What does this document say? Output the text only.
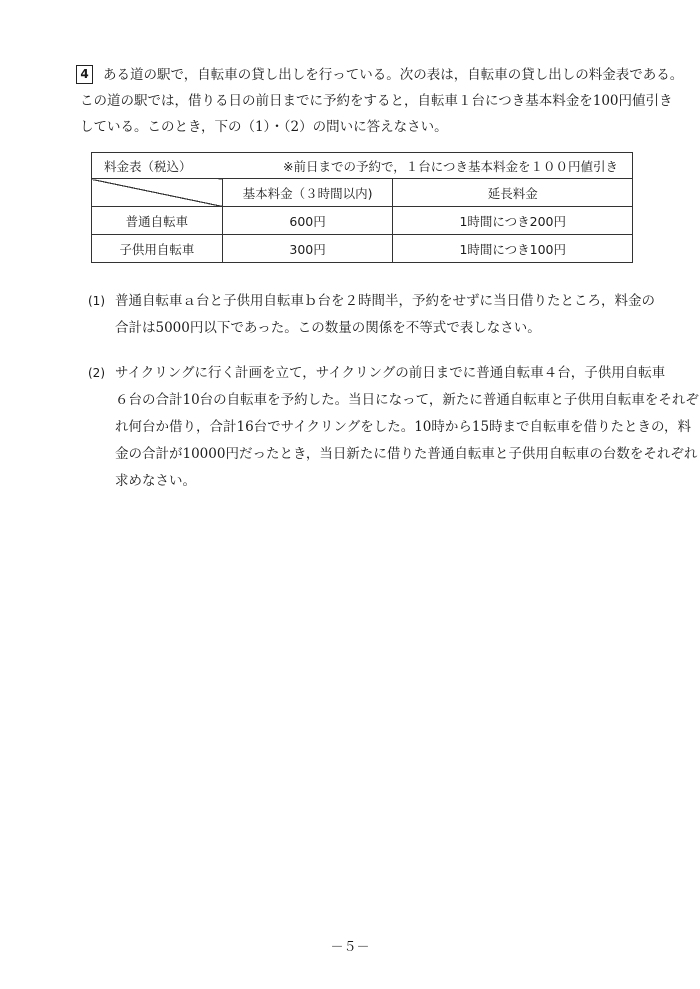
4 ある道の駅で，自転車の貸し出しを行っている。次の表は，自転車の貸し出しの料金表である。
この道の駅では，借りる日の前日までに予約をすると，自転車１台につき基本料金を100円値引き
している。このとき，下の（1）・（2）の問いに答えなさい。
料金表（税込） ※前日までの予約で，１台につき基本料金を１００円値引き		

	基本料金（３時間以内)	延長料金
普通自転車	600円	1時間につき200円
子供用自転車	300円	1時間につき100円
(1) 普通自転車ａ台と子供用自転車ｂ台を２時間半，予約をせずに当日借りたところ，料金の
合計は5000円以下であった。この数量の関係を不等式で表しなさい。
(2) サイクリングに行く計画を立て，サイクリングの前日までに普通自転車４台，子供用自転車
６台の合計10台の自転車を予約した。当日になって，新たに普通自転車と子供用自転車をそれぞ
れ何台か借り，合計16台でサイクリングをした。10時から15時まで自転車を借りたときの，料
金の合計が10000円だったとき，当日新たに借りた普通自転車と子供用自転車の台数をそれぞれ
求めなさい。
－５－
